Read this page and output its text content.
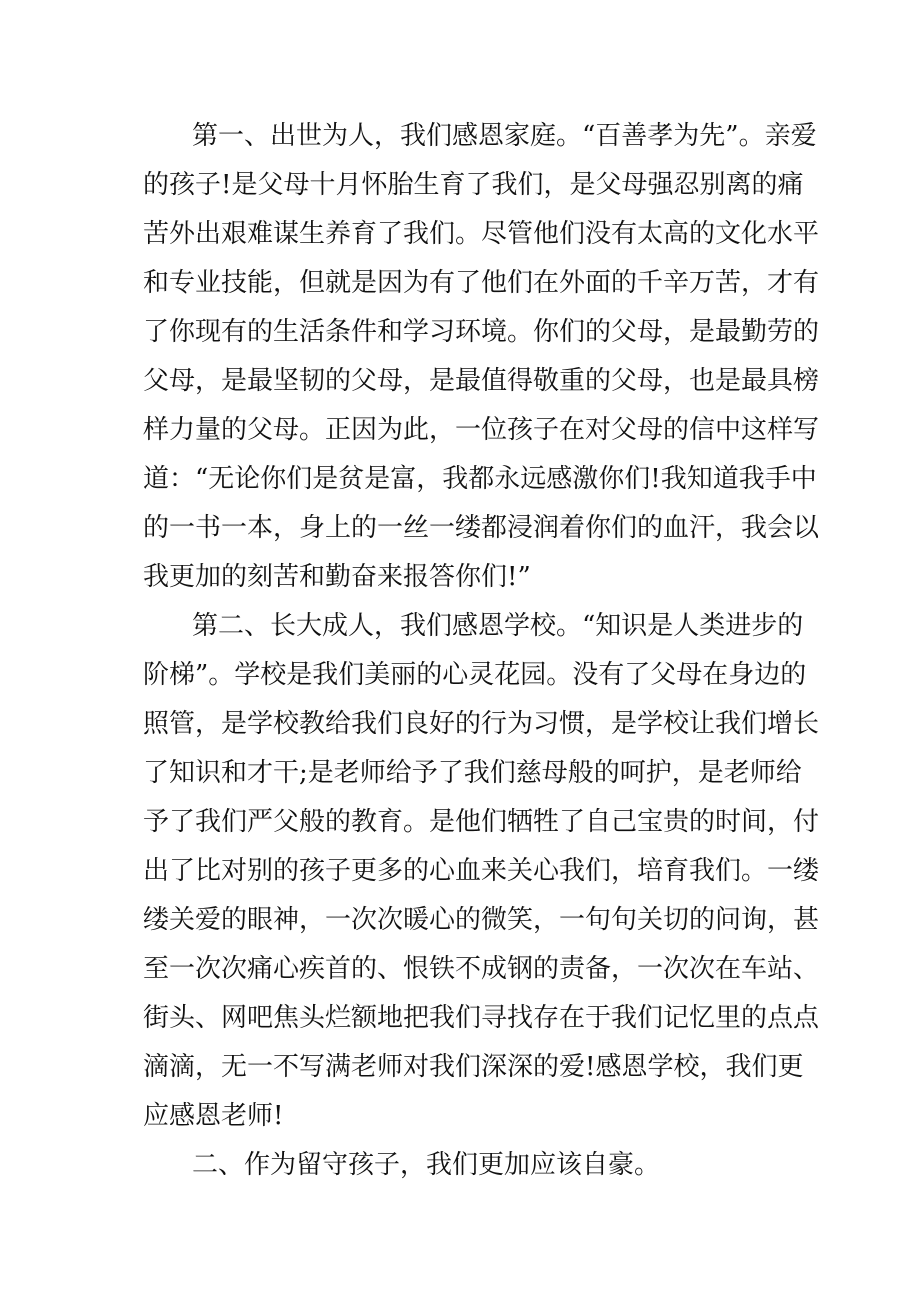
第一、出世为人，我们感恩家庭。“百善孝为先”。亲爱
的孩子!是父母十月怀胎生育了我们，是父母强忍别离的痛
苦外出艰难谋生养育了我们。尽管他们没有太高的文化水平
和专业技能，但就是因为有了他们在外面的千辛万苦，才有
了你现有的生活条件和学习环境。你们的父母，是最勤劳的
父母，是最坚韧的父母，是最值得敬重的父母，也是最具榜
样力量的父母。正因为此，一位孩子在对父母的信中这样写
道：“无论你们是贫是富，我都永远感激你们!我知道我手中
的一书一本，身上的一丝一缕都浸润着你们的血汗，我会以
我更加的刻苦和勤奋来报答你们!”
第二、长大成人，我们感恩学校。“知识是人类进步的
阶梯”。学校是我们美丽的心灵花园。没有了父母在身边的
照管，是学校教给我们良好的行为习惯，是学校让我们增长
了知识和才干;是老师给予了我们慈母般的呵护，是老师给
予了我们严父般的教育。是他们牺牲了自己宝贵的时间，付
出了比对别的孩子更多的心血来关心我们，培育我们。一缕
缕关爱的眼神，一次次暖心的微笑，一句句关切的问询，甚
至一次次痛心疾首的、恨铁不成钢的责备，一次次在车站、
街头、网吧焦头烂额地把我们寻找存在于我们记忆里的点点
滴滴，无一不写满老师对我们深深的爱!感恩学校，我们更
应感恩老师!
二、作为留守孩子，我们更加应该自豪。
